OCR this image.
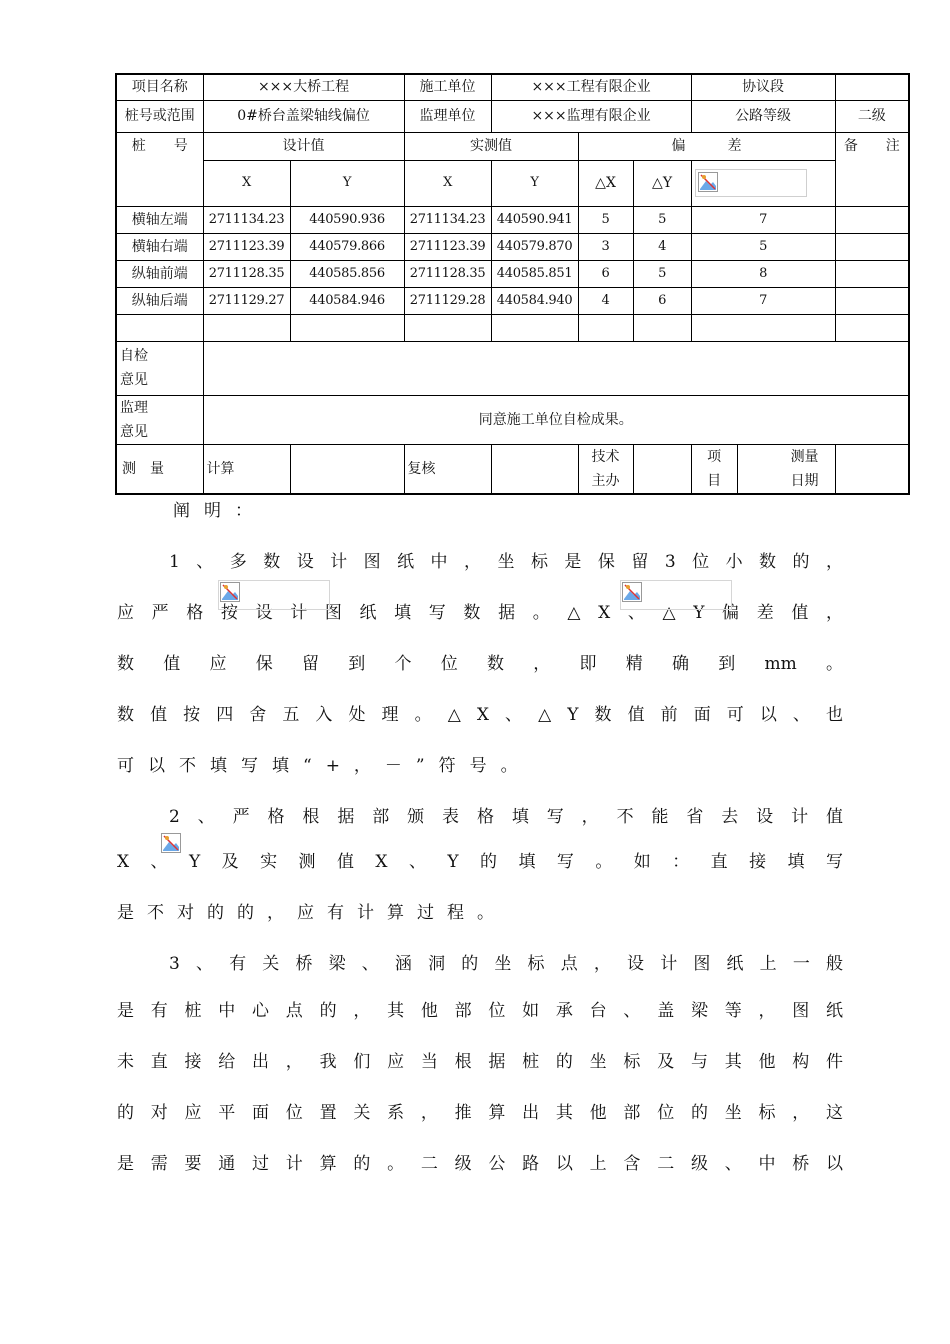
项目名称	×××大桥工程		施工单位	×××工程有限企业			协议段		
桩号或范围	0#桥台盖梁轴线偏位		监理单位	×××监理有限企业			公路等级		二级
桩　　号	设计值		实测值		偏　　　差				备　　注
	X	Y	X	Y	△X	△Y	

横轴左端	2711134.23	440590.936	2711134.23	440590.941	5	5	7		
横轴右端	2711123.39	440579.866	2711123.39	440579.870	3	4	5		
纵轴前端	2711128.35	440585.856	2711128.35	440585.851	6	5	8		
纵轴后端	2711129.27	440584.946	2711129.28	440584.940	4	6	7		

自检意见									
监理意见	同意施工单位自检成果。								
测　量	计算		复核		技术主办		项目	测量日期	
阐明：
1、多数设计图纸中，坐标是保留3位小数的，
应严格按设计图纸填写数据。△X、△Y偏差值，
数值应保留到个位数，即精确到mm。
数值按四舍五入处理。△X、△Y数值前面可以、也
可以不填写填“+，－”符号。
2、严格根据部颁表格填写，不能省去设计值
X、Y及实测值X、Y的填写。如：直接填写
是不对的的，应有计算过程。
3、有关桥梁、涵洞的坐标点，设计图纸上一般
是有桩中心点的，其他部位如承台、盖梁等，图纸
未直接给出，我们应当根据桩的坐标及与其他构件
的对应平面位置关系，推算出其他部位的坐标，这
是需要通过计算的。二级公路以上含二级、中桥以
